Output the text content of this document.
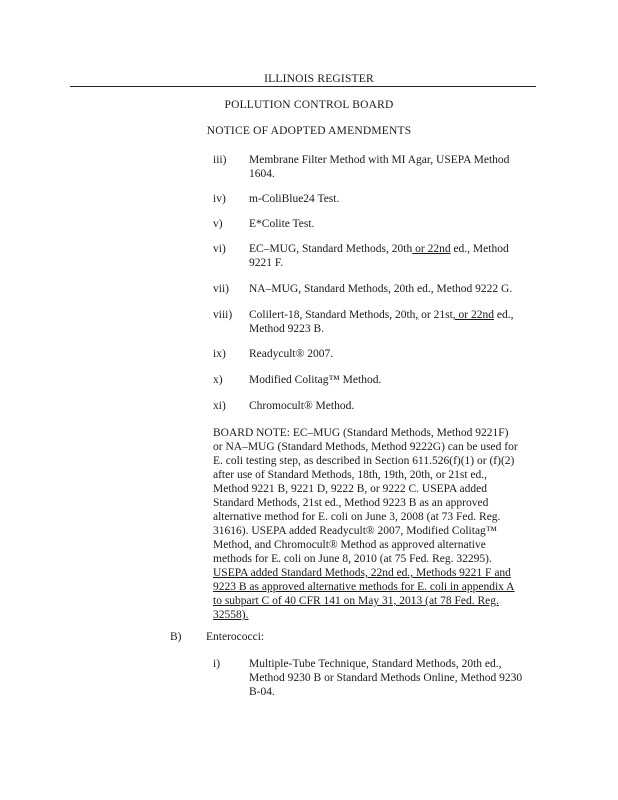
ILLINOIS REGISTER
POLLUTION CONTROL BOARD
NOTICE OF ADOPTED AMENDMENTS
iii) Membrane Filter Method with MI Agar, USEPA Method
1604.
iv) m-ColiBlue24 Test.
v) E*Colite Test.
vi) EC–MUG, Standard Methods, 20th or 22nd ed., Method
9221 F.
vii) NA–MUG, Standard Methods, 20th ed., Method 9222 G.
viii) Colilert-18, Standard Methods, 20th, or 21st, or 22nd ed.,
Method 9223 B.
ix) Readycult® 2007.
x) Modified Colitag™ Method.
xi) Chromocult® Method.
BOARD NOTE: EC–MUG (Standard Methods, Method 9221F)
or NA–MUG (Standard Methods, Method 9222G) can be used for
E. coli testing step, as described in Section 611.526(f)(1) or (f)(2)
after use of Standard Methods, 18th, 19th, 20th, or 21st ed.,
Method 9221 B, 9221 D, 9222 B, or 9222 C. USEPA added
Standard Methods, 21st ed., Method 9223 B as an approved
alternative method for E. coli on June 3, 2008 (at 73 Fed. Reg.
31616). USEPA added Readycult® 2007, Modified Colitag™
Method, and Chromocult® Method as approved alternative
methods for E. coli on June 8, 2010 (at 75 Fed. Reg. 32295).
USEPA added Standard Methods, 22nd ed., Methods 9221 F and
9223 B as approved alternative methods for E. coli in appendix A
to subpart C of 40 CFR 141 on May 31, 2013 (at 78 Fed. Reg.
32558).
B) Enterococci:
i)	Multiple-Tube Technique, Standard Methods, 20th ed.,
Method 9230 B or Standard Methods Online, Method 9230
B-04.
